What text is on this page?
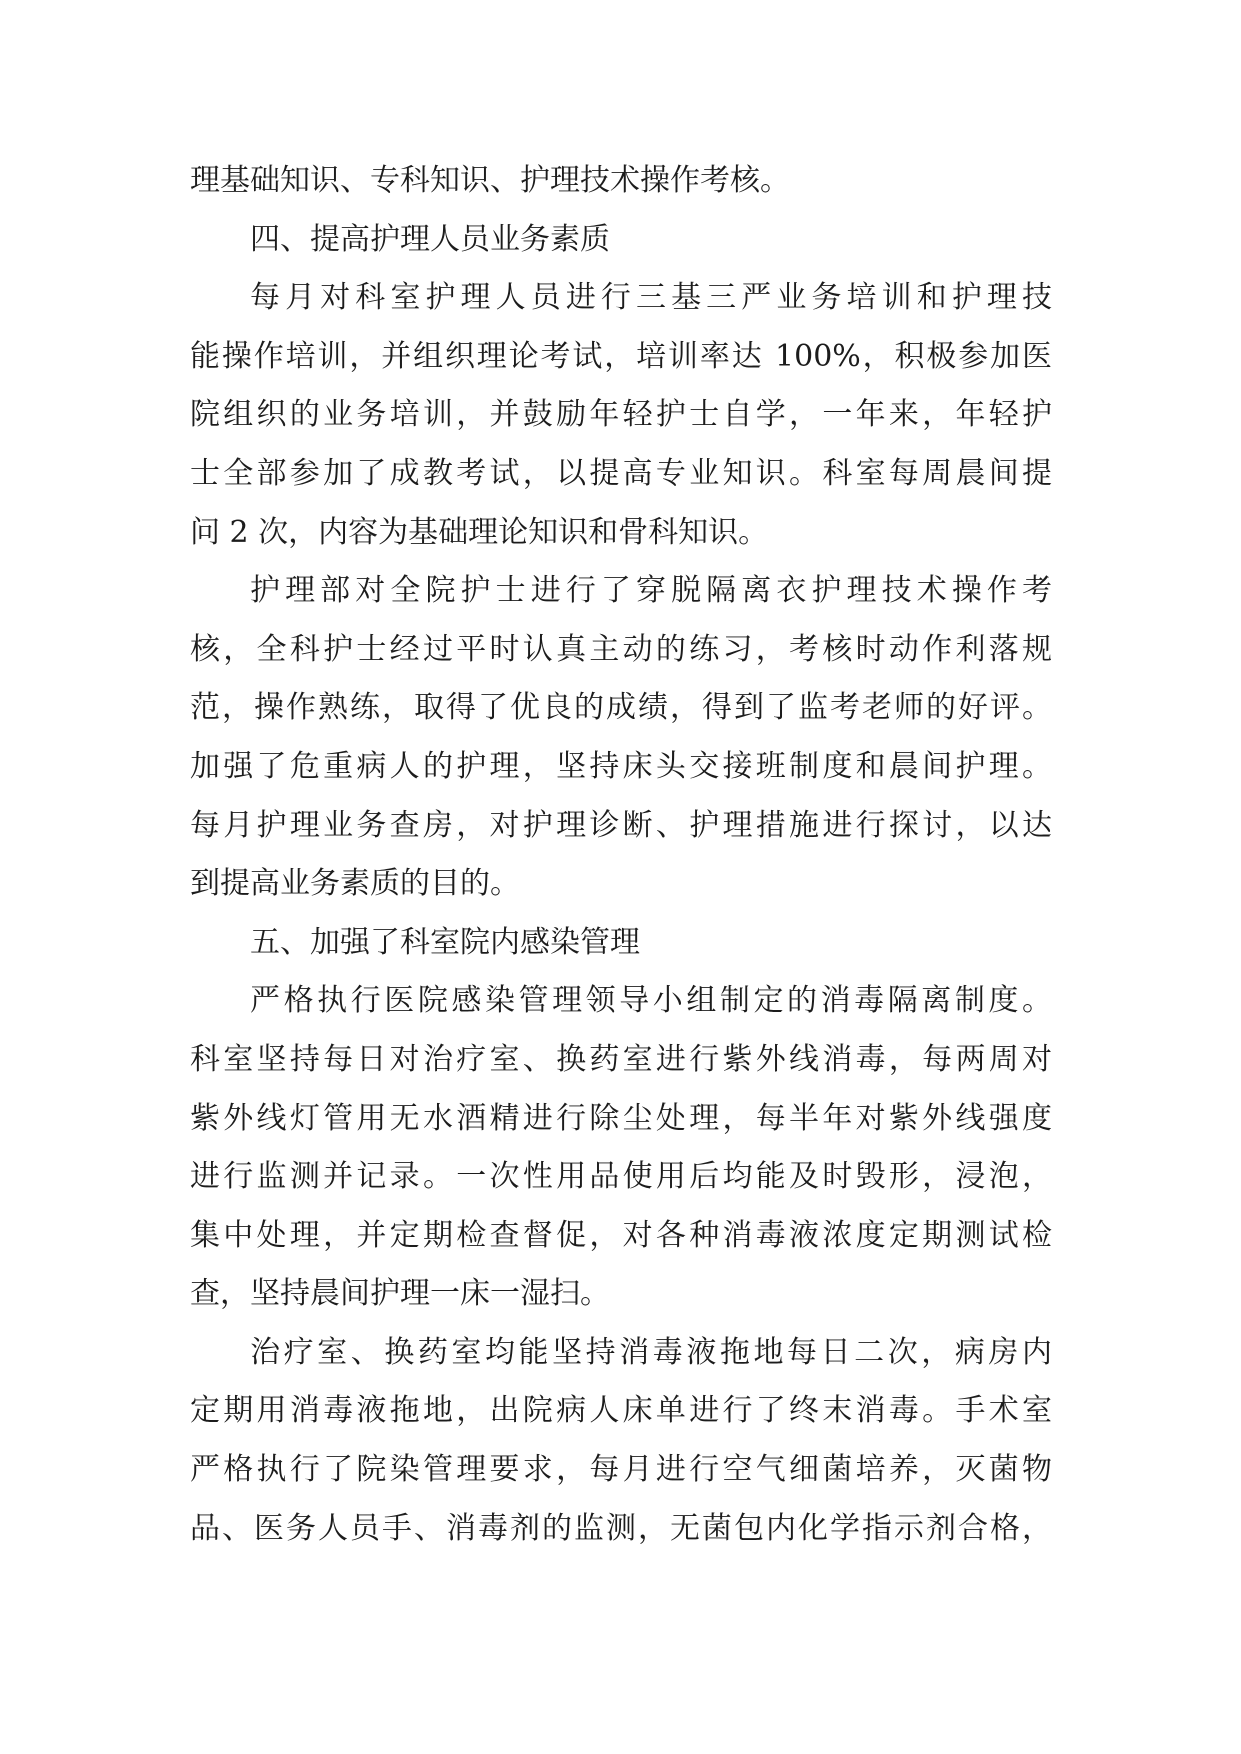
理基础知识、专科知识、护理技术操作考核。
四、提高护理人员业务素质
每月对科室护理人员进行三基三严业务培训和护理技
能操作培训，并组织理论考试，培训率达 100%，积极参加医
院组织的业务培训，并鼓励年轻护士自学，一年来，年轻护
士全部参加了成教考试，以提高专业知识。科室每周晨间提
问 2 次，内容为基础理论知识和骨科知识。
护理部对全院护士进行了穿脱隔离衣护理技术操作考
核，全科护士经过平时认真主动的练习，考核时动作利落规
范，操作熟练，取得了优良的成绩，得到了监考老师的好评。
加强了危重病人的护理，坚持床头交接班制度和晨间护理。
每月护理业务查房，对护理诊断、护理措施进行探讨，以达
到提高业务素质的目的。
五、加强了科室院内感染管理
严格执行医院感染管理领导小组制定的消毒隔离制度。
科室坚持每日对治疗室、换药室进行紫外线消毒，每两周对
紫外线灯管用无水酒精进行除尘处理，每半年对紫外线强度
进行监测并记录。一次性用品使用后均能及时毁形，浸泡，
集中处理，并定期检查督促，对各种消毒液浓度定期测试检
查，坚持晨间护理一床一湿扫。
治疗室、换药室均能坚持消毒液拖地每日二次，病房内
定期用消毒液拖地，出院病人床单进行了终末消毒。手术室
严格执行了院染管理要求，每月进行空气细菌培养，灭菌物
品、医务人员手、消毒剂的监测，无菌包内化学指示剂合格，
